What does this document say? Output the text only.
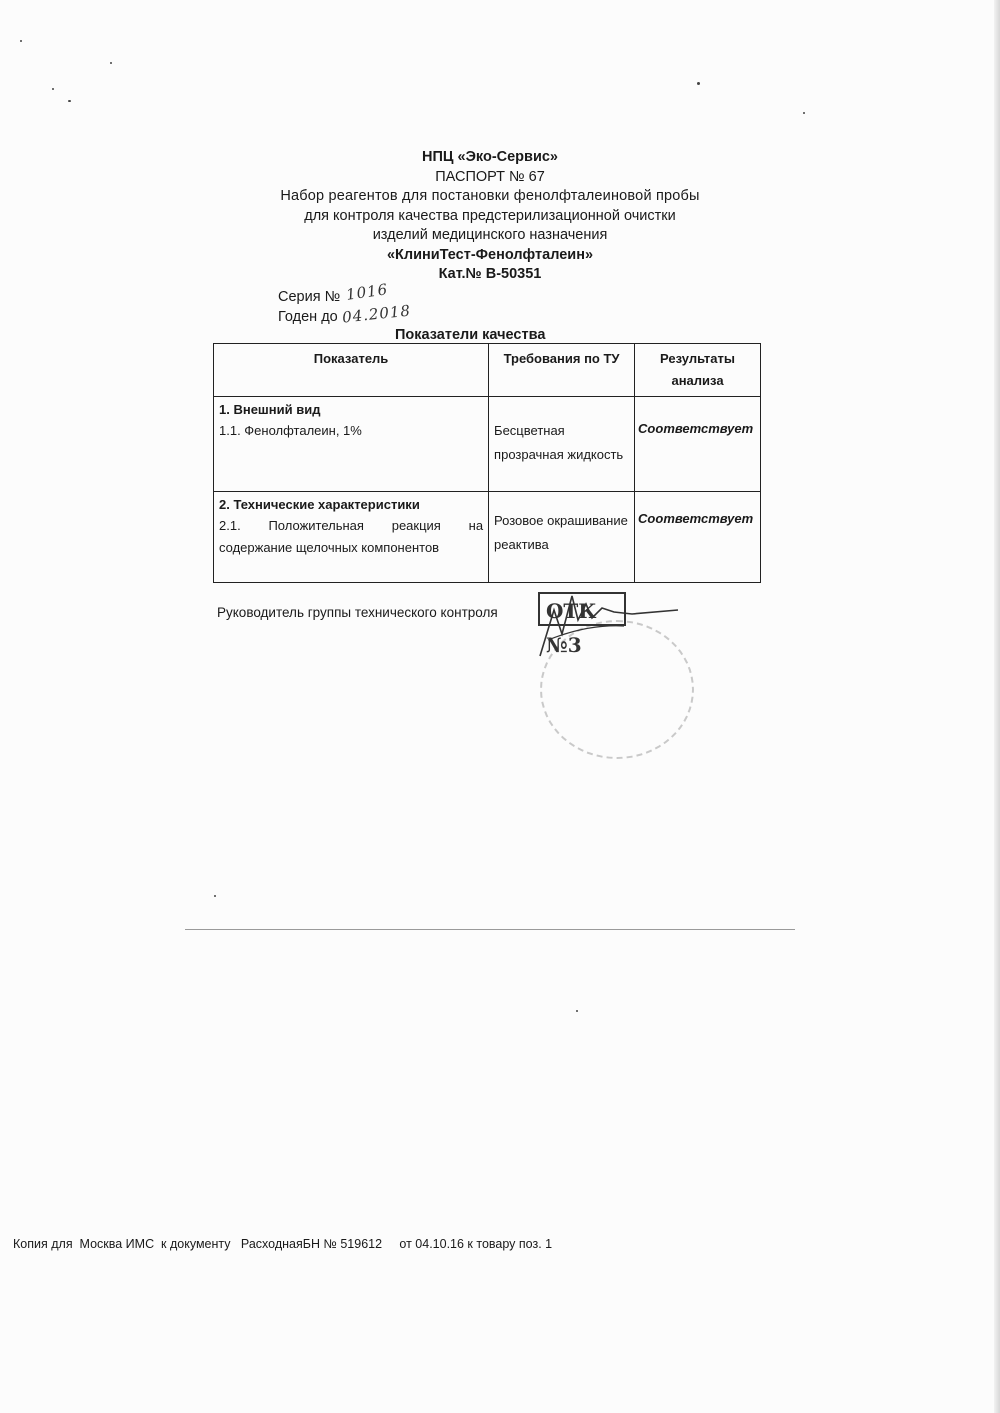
НПЦ «Эко-Сервис»
ПАСПОРТ № 67
Набор реагентов для постановки фенолфталеиновой пробы
для контроля качества предстерилизационной очистки
изделий медицинского назначения
«КлиниТест-Фенолфталеин»
Кат.№ В-50351
Серия № 1016
Годен до 04.2018
Показатели качества
Показатель	Требования по ТУ	Результаты анализа

1. Внешний вид
1.1. Фенолфталеин, 1%	Бесцветная прозрачная жидкость	Соответствует

2. Технические характеристики
2.1. Положительная реакция на содержание щелочных компонентов	Розовое окрашивание реактива	Соответствует
Руководитель группы технического контроля	ОТК №3
Копия для  Москва ИМС  к документу   РасходнаяБН № 519612     от 04.10.16 к товару поз. 1
